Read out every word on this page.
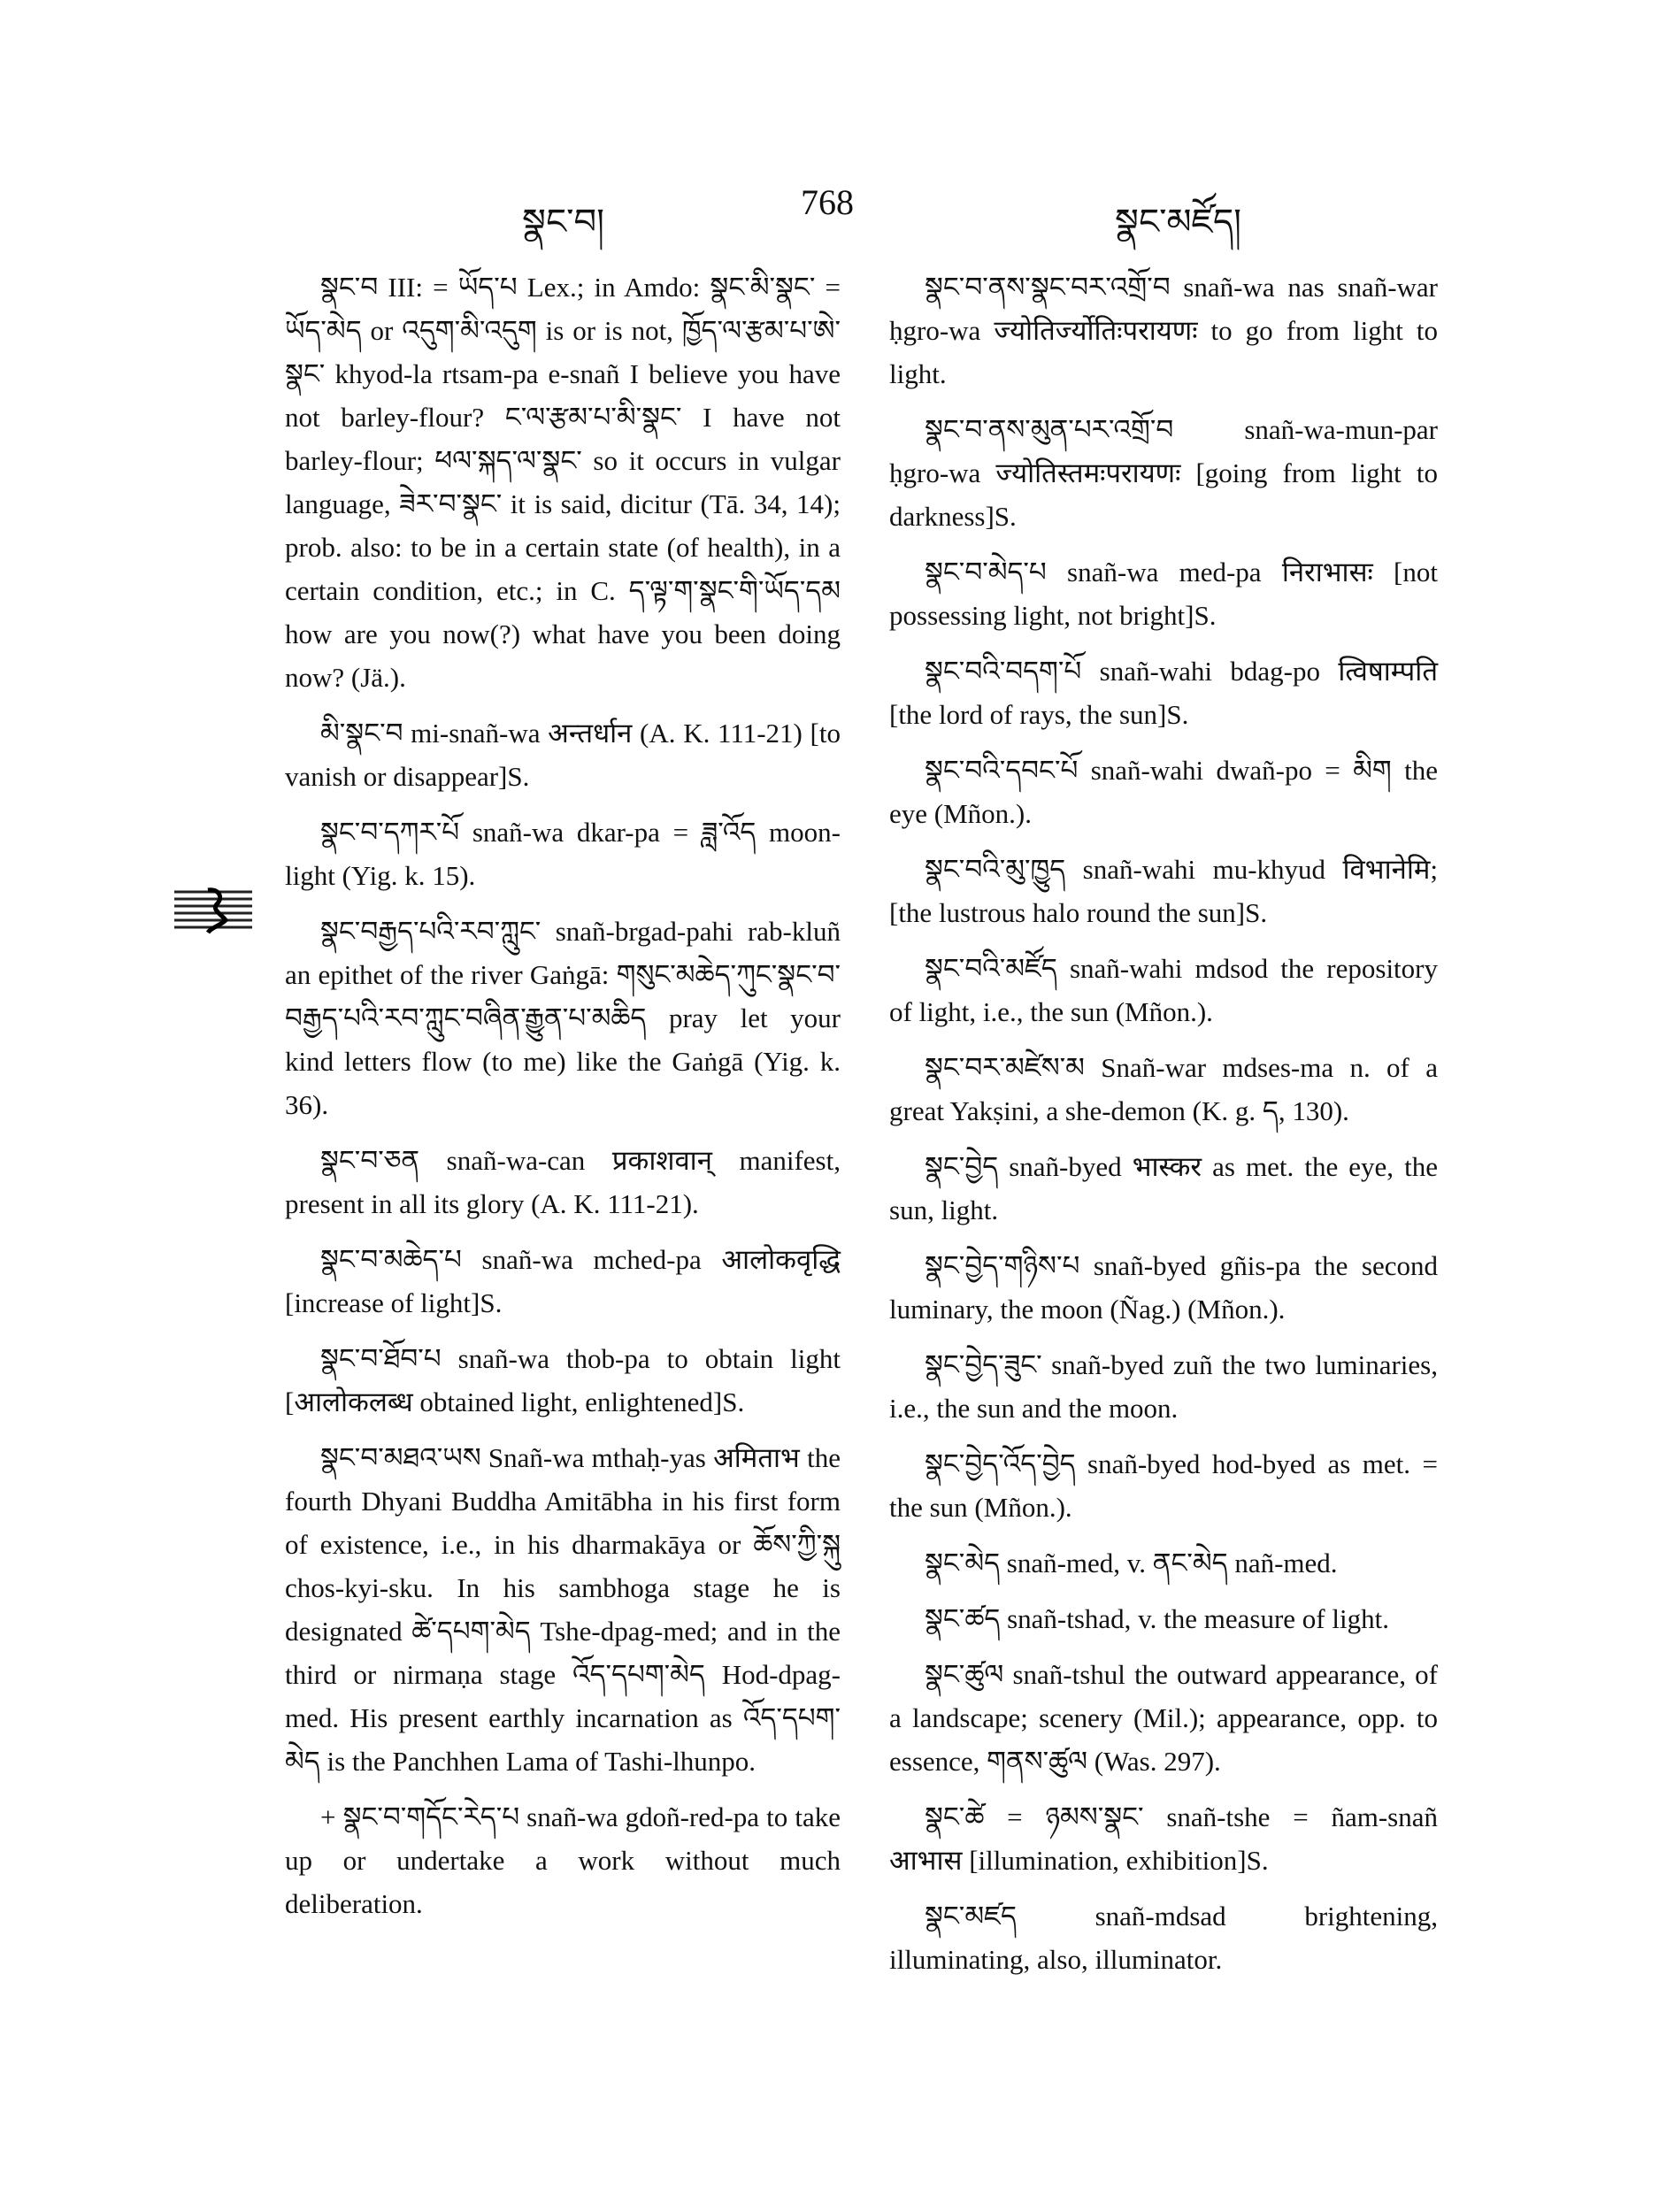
སྣང་བ།	768	སྣང་མཛོད།

སྣང་བ III: = ཡོད་པ Lex.; in Amdo: སྣང་མི་སྣང་ = ཡོད་མེད or འདུག་མི་འདུག is or is not, ཁྱོད་ལ་རྩམ་པ་ཨེ་སྣང་ khyod-la rtsam-pa e-snañ I believe you have not barley-flour? ང་ལ་རྩམ་པ་མི་སྣང་ I have not barley-flour; ཕལ་སྐད་ལ་སྣང་ so it occurs in vulgar language, ཟེར་བ་སྣང་ it is said, dicitur (Tā. 34, 14); prob. also: to be in a certain state (of health), in a certain condition, etc.; in C. ད་ལྟ་ག་སྣང་གི་ཡོད་དམ how are you now(?) what have you been doing now? (Jä.).

མི་སྣང་བ mi-snañ-wa अन्तर्धान (A. K. 111-21) [to vanish or disappear]S.

སྣང་བ་དཀར་པོ snañ-wa dkar-pa = ཟླ་འོད moon-light (Yig. k. 15).

སྣང་བརྒྱད་པའི་རབ་ཀླུང་ snañ-brgad-pahi rab-kluñ an epithet of the river Gaṅgā: གསུང་མཆེད་ཀུང་སྣང་བ་བརྒྱད་པའི་རབ་ཀླུང་བཞིན་རྒྱུན་པ་མཆིད pray let your kind letters flow (to me) like the Gaṅgā (Yig. k. 36).

སྣང་བ་ཅན snañ-wa-can प्रकाशवान् manifest, present in all its glory (A. K. 111-21).

སྣང་བ་མཆེད་པ snañ-wa mched-pa आलोकवृद्धि [increase of light]S.

སྣང་བ་ཐོབ་པ snañ-wa thob-pa to obtain light [आलोकलब्ध obtained light, enlightened]S.

སྣང་བ་མཐའ་ཡས Snañ-wa mthaḥ-yas अमिताभ the fourth Dhyani Buddha Amitābha in his first form of existence, i.e., in his dharmakāya or ཆོས་ཀྱི་སྐུ chos-kyi-sku. In his sambhoga stage he is designated ཚེ་དཔག་མེད Tshe-dpag-med; and in the third or nirmaṇa stage འོད་དཔག་མེད Hod-dpag-med. His present earthly incarnation as འོད་དཔག་མེད is the Panchhen Lama of Tashi-lhunpo.

+ སྣང་བ་གདོང་རེད་པ snañ-wa gdoñ-red-pa to take up or undertake a work without much deliberation.

སྣང་བ་ནས་སྣང་བར་འགྲོ་བ snañ-wa nas snañ-war ḥgro-wa ज्योतिर्ज्योतिःपरायणः to go from light to light.

སྣང་བ་ནས་མུན་པར་འགྲོ་བ snañ-wa-mun-par ḥgro-wa ज्योतिस्तमःपरायणः [going from light to darkness]S.

སྣང་བ་མེད་པ snañ-wa med-pa निराभासः [not possessing light, not bright]S.

སྣང་བའི་བདག་པོ snañ-wahi bdag-po त्विषाम्पति [the lord of rays, the sun]S.

སྣང་བའི་དབང་པོ snañ-wahi dwañ-po = མིག the eye (Mñon.).

སྣང་བའི་མུ་ཁྱུད snañ-wahi mu-khyud विभानेमि; [the lustrous halo round the sun]S.

སྣང་བའི་མཛོད snañ-wahi mdsod the repository of light, i.e., the sun (Mñon.).

སྣང་བར་མཛེས་མ Snañ-war mdses-ma n. of a great Yakṣini, a she-demon (K. g. ད, 130).

སྣང་བྱེད snañ-byed भास्कर as met. the eye, the sun, light.

སྣང་བྱེད་གཉིས་པ snañ-byed gñis-pa the second luminary, the moon (Ñag.) (Mñon.).

སྣང་བྱེད་ཟུང་ snañ-byed zuñ the two luminaries, i.e., the sun and the moon.

སྣང་བྱེད་འོད་བྱེད snañ-byed hod-byed as met. = the sun (Mñon.).

སྣང་མེད snañ-med, v. ནང་མེད nañ-med.

སྣང་ཚད snañ-tshad, v. the measure of light.

སྣང་ཚུལ snañ-tshul the outward appearance, of a landscape; scenery (Mil.); appearance, opp. to essence, གནས་ཚུལ (Was. 297).

སྣང་ཚེ = ཉམས་སྣང་ snañ-tshe = ñam-snañ आभास [illumination, exhibition]S.

སྣང་མཛད snañ-mdsad brightening, illuminating, also, illuminator.
